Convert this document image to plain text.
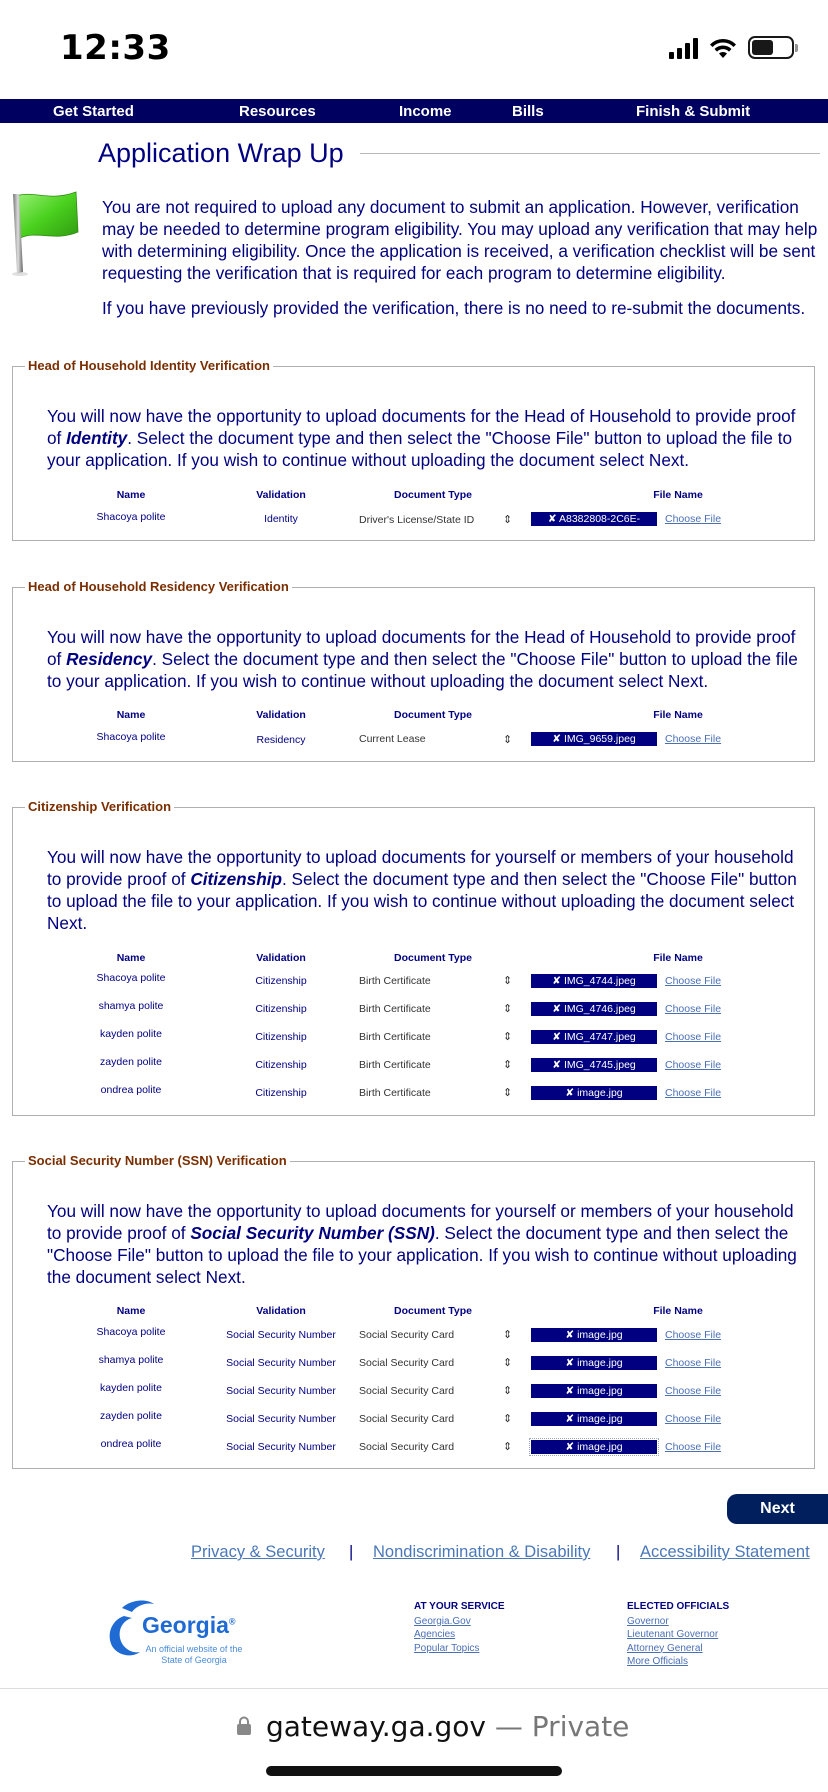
12:33
Get Started	Resources	Income	Bills	Finish & Submit
Application Wrap Up

You are not required to upload any document to submit an application. However, verification may be needed to determine program eligibility. You may upload any verification that may help with determining eligibility. Once the application is received, a verification checklist will be sent requesting the verification that is required for each program to determine eligibility.

If you have previously provided the verification, there is no need to re-submit the documents.

Head of Household Identity Verification
You will now have the opportunity to upload documents for the Head of Household to provide proof of Identity. Select the document type and then select the "Choose File" button to upload the file to your application. If you wish to continue without uploading the document select Next.
Name	Validation	Document Type	File Name
Shacoya polite	Identity	Driver's License/State ID	⇕	✘ A8382808-2C6E-	Choose File
Head of Household Residency Verification
You will now have the opportunity to upload documents for the Head of Household to provide proof of Residency. Select the document type and then select the "Choose File" button to upload the file to your application. If you wish to continue without uploading the document select Next.
Name	Validation	Document Type	File Name
Shacoya polite	Residency	Current Lease	⇕	✘ IMG_9659.jpeg	Choose File
Citizenship Verification
You will now have the opportunity to upload documents for yourself or members of your household to provide proof of Citizenship. Select the document type and then select the "Choose File" button to upload the file to your application. If you wish to continue without uploading the document select Next.
Name	Validation	Document Type	File Name
Shacoya polite	Citizenship	Birth Certificate	⇕	✘ IMG_4744.jpeg	Choose File
shamya polite	Citizenship	Birth Certificate	⇕	✘ IMG_4746.jpeg	Choose File
kayden polite	Citizenship	Birth Certificate	⇕	✘ IMG_4747.jpeg	Choose File
zayden polite	Citizenship	Birth Certificate	⇕	✘ IMG_4745.jpeg	Choose File
ondrea polite	Citizenship	Birth Certificate	⇕	✘ image.jpg	Choose File
Social Security Number (SSN) Verification
You will now have the opportunity to upload documents for yourself or members of your household to provide proof of Social Security Number (SSN). Select the document type and then select the "Choose File" button to upload the file to your application. If you wish to continue without uploading the document select Next.
Name	Validation	Document Type	File Name
Shacoya polite	Social Security Number	Social Security Card	⇕	✘ image.jpg	Choose File
shamya polite	Social Security Number	Social Security Card	⇕	✘ image.jpg	Choose File
kayden polite	Social Security Number	Social Security Card	⇕	✘ image.jpg	Choose File
zayden polite	Social Security Number	Social Security Card	⇕	✘ image.jpg	Choose File
ondrea polite	Social Security Number	Social Security Card	⇕	✘ image.jpg	Choose File
Next
Privacy & Security | Nondiscrimination & Disability | Accessibility Statement
Georgia®
An official website of the State of Georgia
AT YOUR SERVICE
Georgia.Gov
Agencies
Popular Topics
ELECTED OFFICIALS
Governor
Lieutenant Governor
Attorney General
More Officials
gateway.ga.gov — Private
